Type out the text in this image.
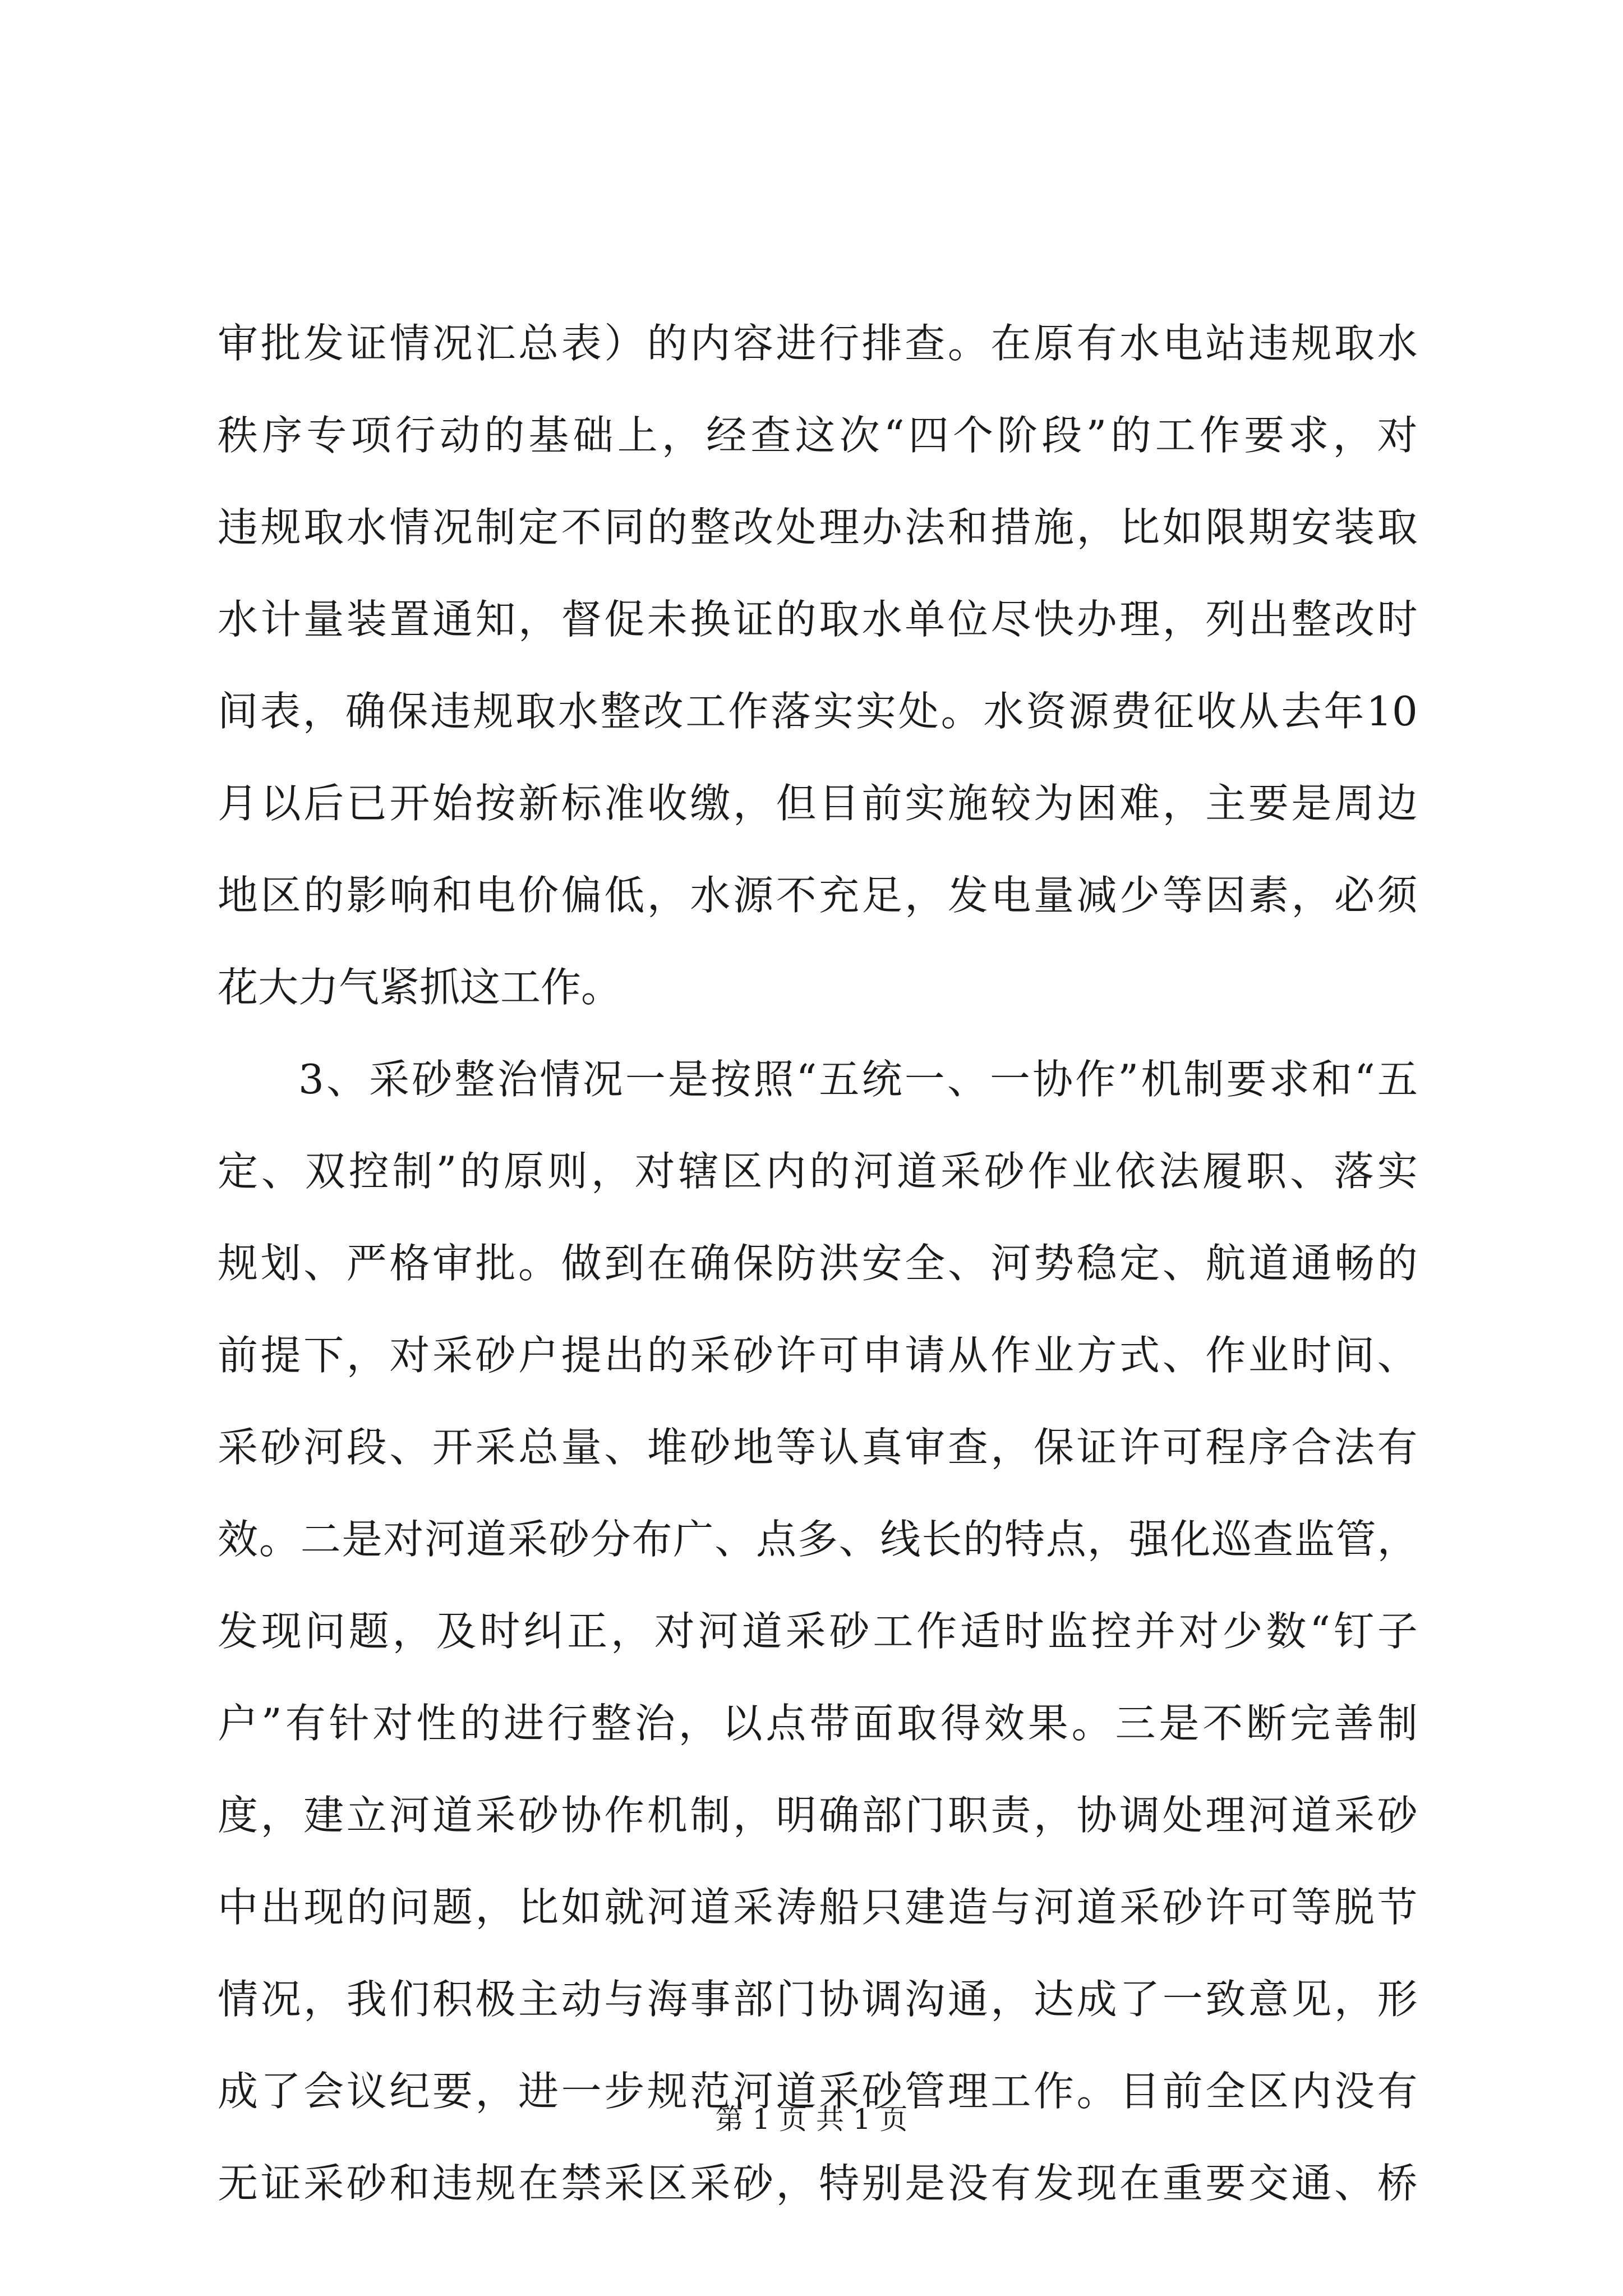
审 批 发 证 情 况 汇 总 表 ） 的 内 容 进 行 排 查 。 在 原 有 水 电 站 违 规 取 水
秩 序 专 项 行 动 的 基 础 上 ， 经 查 这 次 “ 四 个 阶 段 ” 的 工 作 要 求 ， 对
违 规 取 水 情 况 制 定 不 同 的 整 改 处 理 办 法 和 措 施 ， 比 如 限 期 安 装 取
水 计 量 装 置 通 知 ， 督 促 未 换 证 的 取 水 单 位 尽 快 办 理 ， 列 出 整 改 时
间 表 ， 确 保 违 规 取 水 整 改 工 作 落 实 实 处 。 水 资 源 费 征 收 从 去 年 10
月 以 后 已 开 始 按 新 标 准 收 缴 ， 但 目 前 实 施 较 为 困 难 ， 主 要 是 周 边
地 区 的 影 响 和 电 价 偏 低 ， 水 源 不 充 足 ， 发 电 量 减 少 等 因 素 ， 必 须
花大力气紧抓这工作。
3 、 采 砂 整 治 情 况 一 是 按 照 “ 五 统 一 、 一 协 作 ” 机 制 要 求 和 “ 五
定 、 双 控 制 ” 的 原 则 ， 对 辖 区 内 的 河 道 采 砂 作 业 依 法 履 职 、 落 实
规 划 、 严 格 审 批 。 做 到 在 确 保 防 洪 安 全 、 河 势 稳 定 、 航 道 通 畅 的
前 提 下 ， 对 采 砂 户 提 出 的 采 砂 许 可 申 请 从 作 业 方 式 、 作 业 时 间 、
采 砂 河 段 、 开 采 总 量 、 堆 砂 地 等 认 真 审 查 ， 保 证 许 可 程 序 合 法 有
效 。 二 是 对 河 道 采 砂 分 布 广 、 点 多 、 线 长 的 特 点 ， 强 化 巡 查 监 管 ，
发 现 问 题 ， 及 时 纠 正 ， 对 河 道 采 砂 工 作 适 时 监 控 并 对 少 数 “ 钉 子
户 ” 有 针 对 性 的 进 行 整 治 ， 以 点 带 面 取 得 效 果 。 三 是 不 断 完 善 制
度 ， 建 立 河 道 采 砂 协 作 机 制 ， 明 确 部 门 职 责 ， 协 调 处 理 河 道 采 砂
中 出 现 的 问 题 ， 比 如 就 河 道 采 涛 船 只 建 造 与 河 道 采 砂 许 可 等 脱 节
情 况 ， 我 们 积 极 主 动 与 海 事 部 门 协 调 沟 通 ， 达 成 了 一 致 意 见 ， 形
成 了 会 议 纪 要 ， 进 一 步 规 范 河 道 采 砂 管 理 工 作 。 目 前 全 区 内 没 有
无 证 采 砂 和 违 规 在 禁 采 区 采 砂 ， 特 别 是 没 有 发 现 在 重 要 交 通 、 桥
第 1 页 共 1 页
